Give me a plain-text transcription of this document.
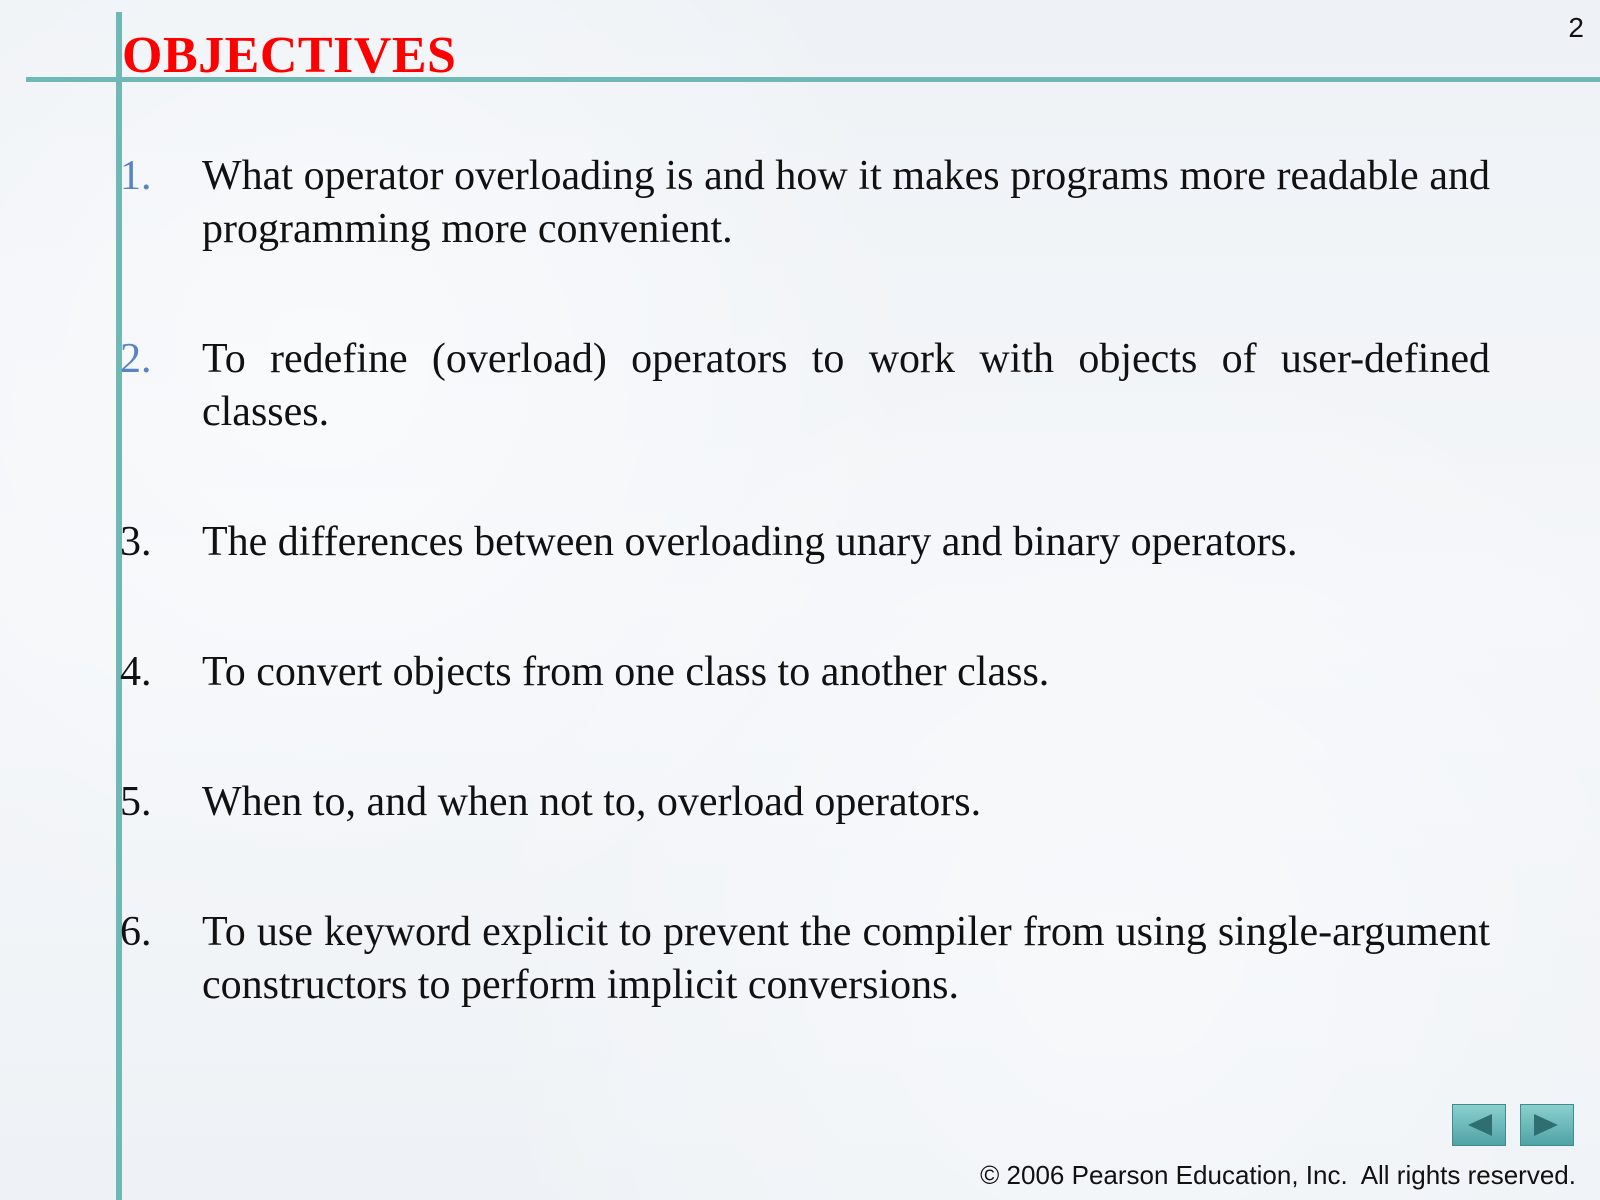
2
OBJECTIVES
1.	What operator overloading is and how it makes programs more readable and programming more convenient.
2.	To redefine (overload) operators to work with objects of user-defined classes.
3.	The differences between overloading unary and binary operators.
4.	To convert objects from one class to another class.
5.	When to, and when not to, overload operators.
6.	To use keyword explicit to prevent the compiler from using single-argument constructors to perform implicit conversions.
© 2006 Pearson Education, Inc.  All rights reserved.
